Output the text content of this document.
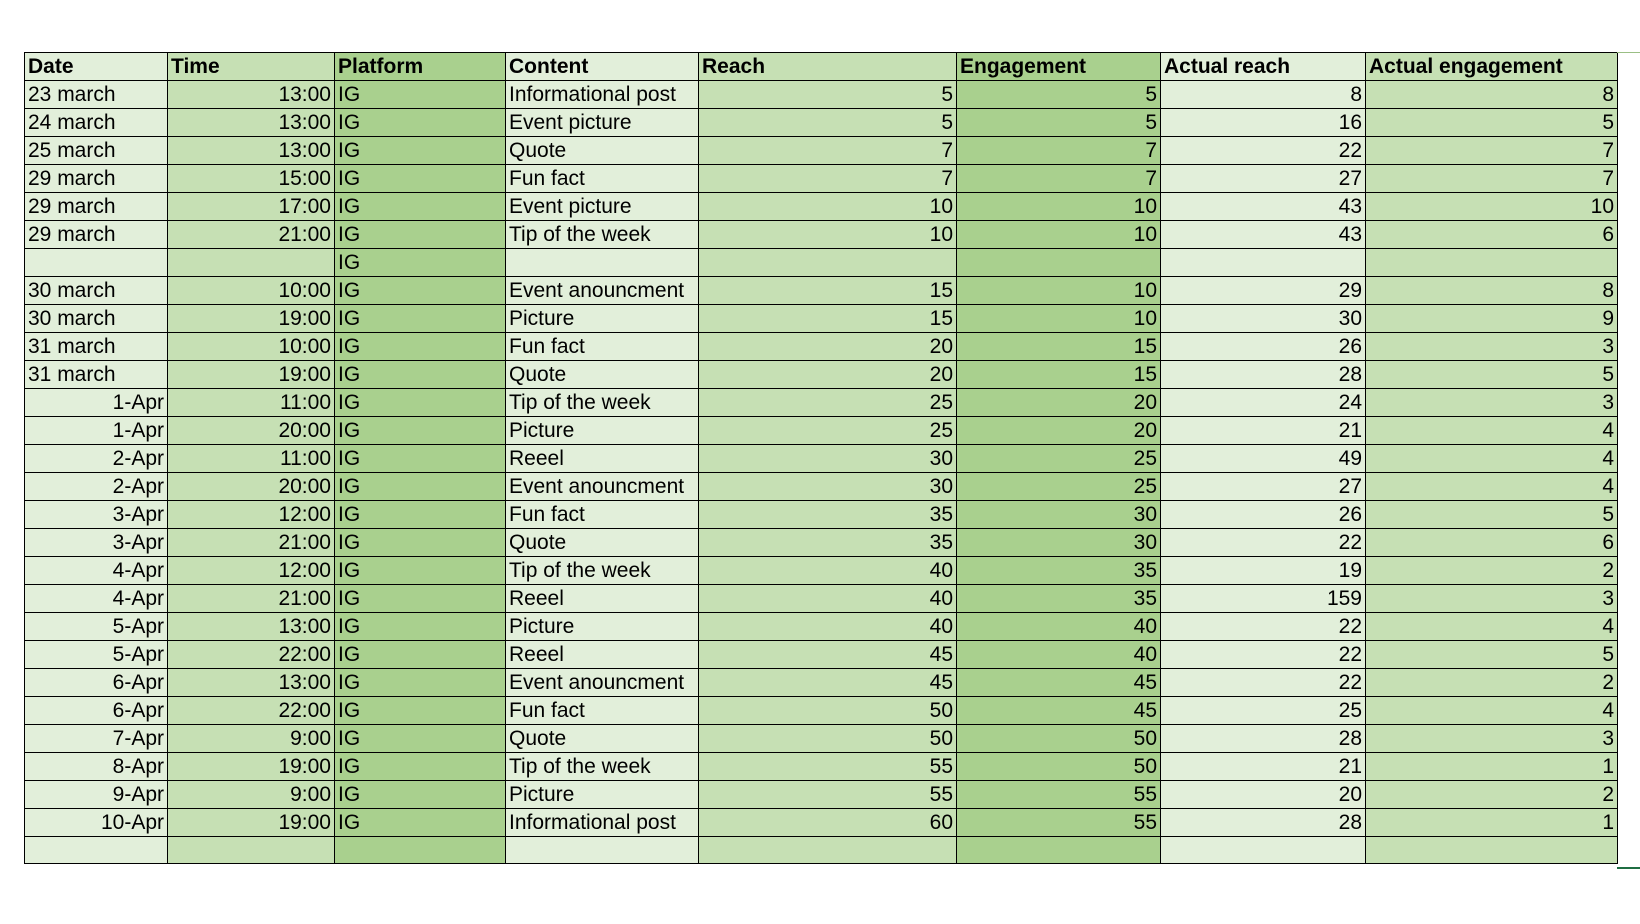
Date	Time	Platform	Content	Reach	Engagement	Actual reach	Actual engagement
23 march	13:00	IG	Informational post	5	5	8	8
24 march	13:00	IG	Event picture	5	5	16	5
25 march	13:00	IG	Quote	7	7	22	7
29 march	15:00	IG	Fun fact	7	7	27	7
29 march	17:00	IG	Event picture	10	10	43	10
29 march	21:00	IG	Tip of the week	10	10	43	6
		IG					
30 march	10:00	IG	Event anouncment	15	10	29	8
30 march	19:00	IG	Picture	15	10	30	9
31 march	10:00	IG	Fun fact	20	15	26	3
31 march	19:00	IG	Quote	20	15	28	5
1-Apr	11:00	IG	Tip of the week	25	20	24	3
1-Apr	20:00	IG	Picture	25	20	21	4
2-Apr	11:00	IG	Reeel	30	25	49	4
2-Apr	20:00	IG	Event anouncment	30	25	27	4
3-Apr	12:00	IG	Fun fact	35	30	26	5
3-Apr	21:00	IG	Quote	35	30	22	6
4-Apr	12:00	IG	Tip of the week	40	35	19	2
4-Apr	21:00	IG	Reeel	40	35	159	3
5-Apr	13:00	IG	Picture	40	40	22	4
5-Apr	22:00	IG	Reeel	45	40	22	5
6-Apr	13:00	IG	Event anouncment	45	45	22	2
6-Apr	22:00	IG	Fun fact	50	45	25	4
7-Apr	9:00	IG	Quote	50	50	28	3
8-Apr	19:00	IG	Tip of the week	55	50	21	1
9-Apr	9:00	IG	Picture	55	55	20	2
10-Apr	19:00	IG	Informational post	60	55	28	1
